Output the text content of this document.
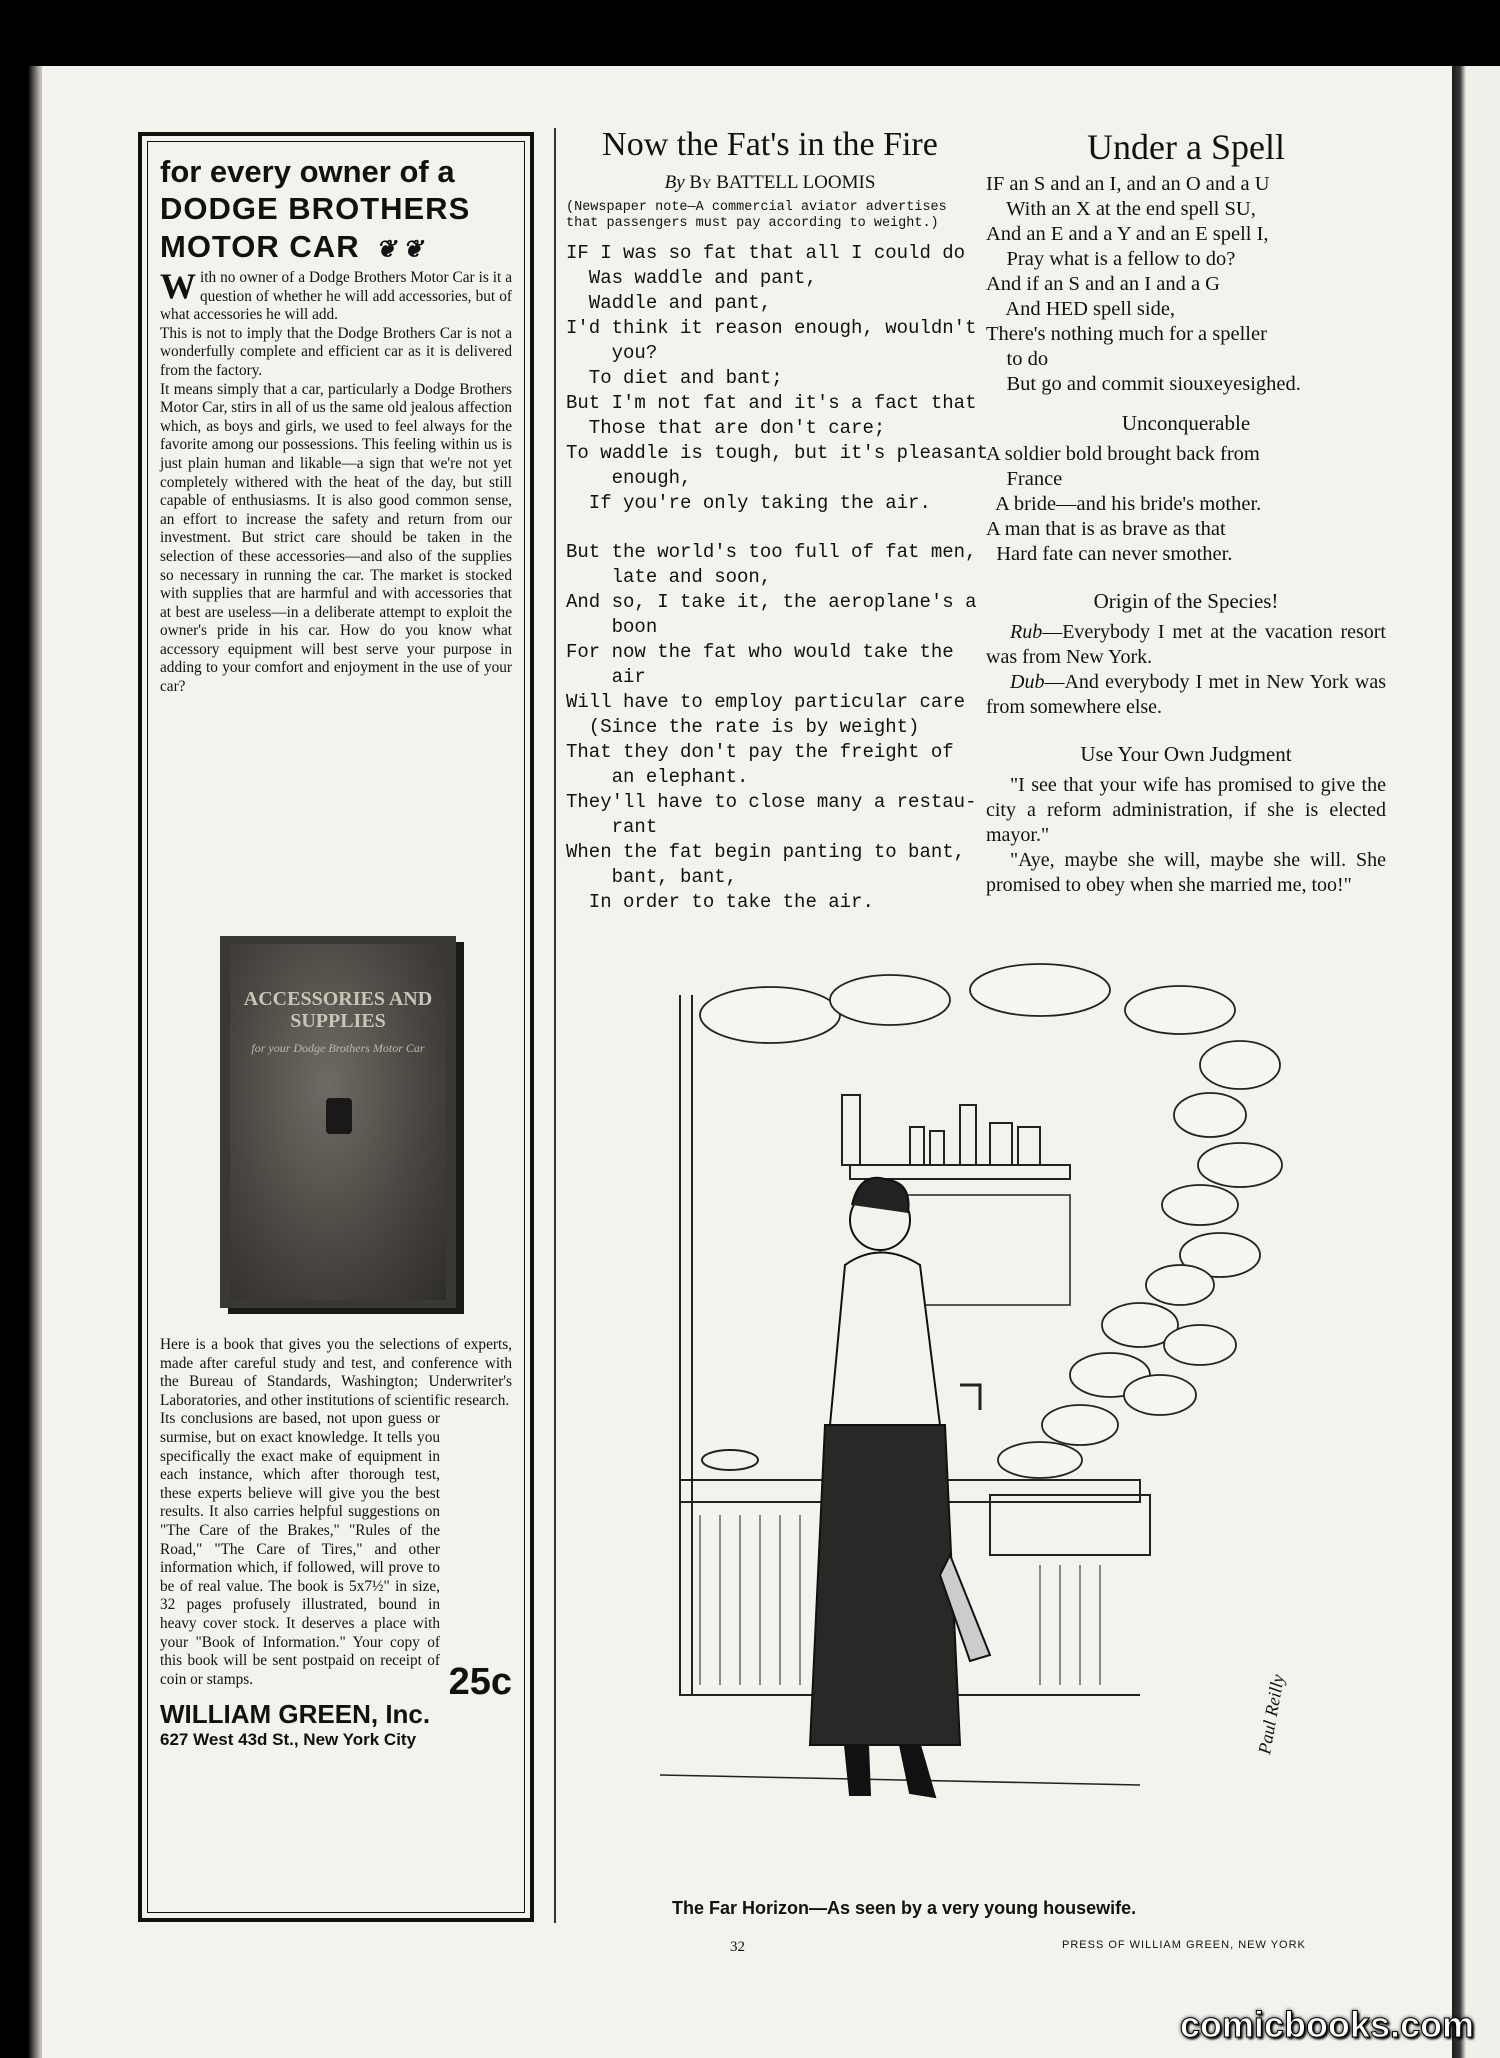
for every owner of a
DODGE BROTHERS
MOTOR CAR  ❦ ❦

With no owner of a Dodge Brothers Motor Car is it a question of whether he will add accessories, but of what accessories he will add.

This is not to imply that the Dodge Brothers Car is not a wonderfully complete and efficient car as it is delivered from the factory.

It means simply that a car, particularly a Dodge Brothers Motor Car, stirs in all of us the same old jealous affection which, as boys and girls, we used to feel always for the favorite among our possessions. This feeling within us is just plain human and likable—a sign that we're not yet completely withered with the heat of the day, but still capable of enthusiasms. It is also good common sense, an effort to increase the safety and return from our investment. But strict care should be taken in the selection of these accessories—and also of the supplies so necessary in running the car. The market is stocked with supplies that are harmful and with accessories that at best are useless—in a deliberate attempt to exploit the owner's pride in his car. How do you know what accessory equipment will best serve your purpose in adding to your comfort and enjoyment in the use of your car?

ACCESSORIES AND SUPPLIES
for your Dodge Brothers Motor Car

Here is a book that gives you the selections of experts, made after careful study and test, and conference with the Bureau of Standards, Washington; Underwriter's Laboratories, and other institutions of scientific research.

Its conclusions are based, not upon guess or surmise, but on exact knowledge. It tells you specifically the exact make of equipment in each instance, which after thorough test, these experts believe will give you the best results. It also carries helpful suggestions on "The Care of the Brakes," "Rules of the Road," "The Care of Tires," and other information which, if followed, will prove to be of real value. The book is 5x7½" in size, 32 pages profusely illustrated, bound in heavy cover stock. It deserves a place with your "Book of Information." Your copy of this book will be sent postpaid on receipt of coin or stamps.	25c

WILLIAM GREEN, Inc.
627 West 43d St., New York City
Now the Fat's in the Fire
By By BATTELL LOOMIS

(Newspaper note—A commercial aviator advertises that passengers must pay according to weight.)

IF I was so fat that all I could do
Was waddle and pant,
Waddle and pant,
I'd think it reason enough, wouldn't
you?
To diet and bant;
But I'm not fat and it's a fact that
Those that are don't care;
To waddle is tough, but it's pleasant
enough,
If you're only taking the air.
But the world's too full of fat men,
late and soon,
And so, I take it, the aeroplane's a
boon
For now the fat who would take the
air
Will have to employ particular care
(Since the rate is by weight)
That they don't pay the freight of
an elephant.
They'll have to close many a restau-
rant
When the fat begin panting to bant,
bant, bant,
In order to take the air.
Under a Spell
IF an S and an I, and an O and a U
With an X at the end spell SU,
And an E and a Y and an E spell I,
Pray what is a fellow to do?
And if an S and an I and a G
And HED spell side,
There's nothing much for a speller
to do
But go and commit siouxeyesighed.
Unconquerable
A soldier bold brought back from
France
A bride—and his bride's mother.
A man that is as brave as that
Hard fate can never smother.
Origin of the Species!

Rub—Everybody I met at the vacation resort was from New York.

Dub—And everybody I met in New York was from somewhere else.

Use Your Own Judgment

"I see that your wife has promised to give the city a reform administration, if she is elected mayor."

"Aye, maybe she will, maybe she will. She promised to obey when she married me, too!"

Paul Reilly
The Far Horizon—As seen by a very young housewife.
32	PRESS OF WILLIAM GREEN, NEW YORK
comicbooks.com
